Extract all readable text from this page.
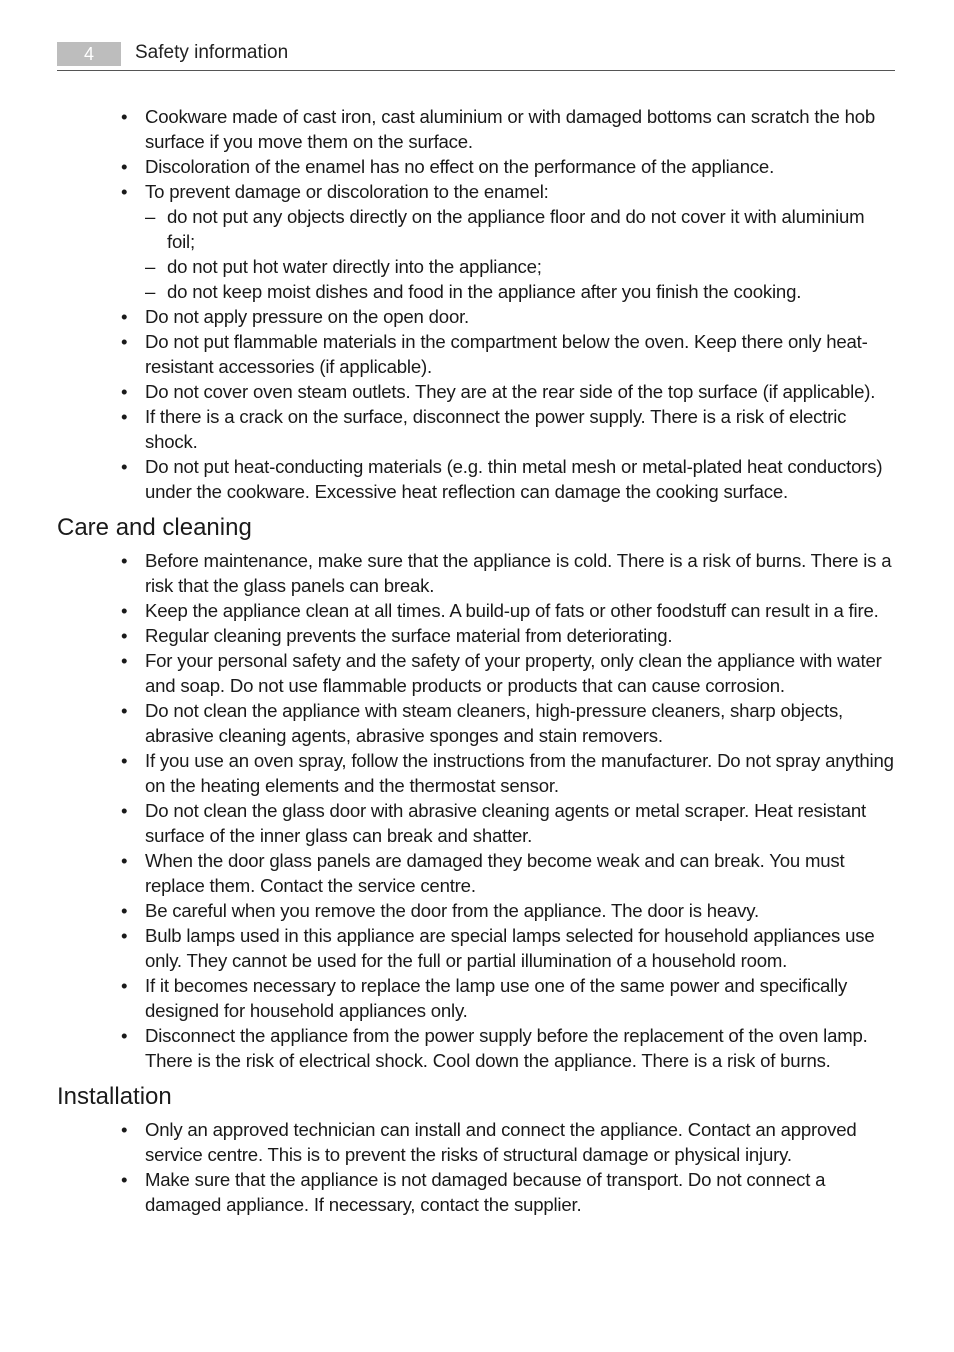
4	Safety information
• Cookware made of cast iron, cast aluminium or with damaged bottoms can scratch the hob surface if you move them on the surface.
• Discoloration of the enamel has no effect on the performance of the appliance.
• To prevent damage or discoloration to the enamel:
– do not put any objects directly on the appliance floor and do not cover it with aluminium foil;
– do not put hot water directly into the appliance;
– do not keep moist dishes and food in the appliance after you finish the cooking.
• Do not apply pressure on the open door.
• Do not put flammable materials in the compartment below the oven. Keep there only heat-resistant accessories (if applicable).
• Do not cover oven steam outlets. They are at the rear side of the top surface (if applicable).
• If there is a crack on the surface, disconnect the power supply. There is a risk of electric shock.
• Do not put heat-conducting materials (e.g. thin metal mesh or metal-plated heat conductors) under the cookware. Excessive heat reflection can damage the cooking surface.
Care and cleaning
• Before maintenance, make sure that the appliance is cold. There is a risk of burns. There is a risk that the glass panels can break.
• Keep the appliance clean at all times. A build-up of fats or other foodstuff can result in a fire.
• Regular cleaning prevents the surface material from deteriorating.
• For your personal safety and the safety of your property, only clean the appliance with water and soap. Do not use flammable products or products that can cause corrosion.
• Do not clean the appliance with steam cleaners, high-pressure cleaners, sharp objects, abrasive cleaning agents, abrasive sponges and stain removers.
• If you use an oven spray, follow the instructions from the manufacturer. Do not spray anything on the heating elements and the thermostat sensor.
• Do not clean the glass door with abrasive cleaning agents or metal scraper. Heat resistant surface of the inner glass can break and shatter.
• When the door glass panels are damaged they become weak and can break. You must replace them. Contact the service centre.
• Be careful when you remove the door from the appliance. The door is heavy.
• Bulb lamps used in this appliance are special lamps selected for household appliances use only. They cannot be used for the full or partial illumination of a household room.
• If it becomes necessary to replace the lamp use one of the same power and specifically designed for household appliances only.
• Disconnect the appliance from the power supply before the replacement of the oven lamp. There is the risk of electrical shock. Cool down the appliance. There is a risk of burns.
Installation
• Only an approved technician can install and connect the appliance. Contact an approved service centre. This is to prevent the risks of structural damage or physical injury.
• Make sure that the appliance is not damaged because of transport. Do not connect a damaged appliance. If necessary, contact the supplier.
